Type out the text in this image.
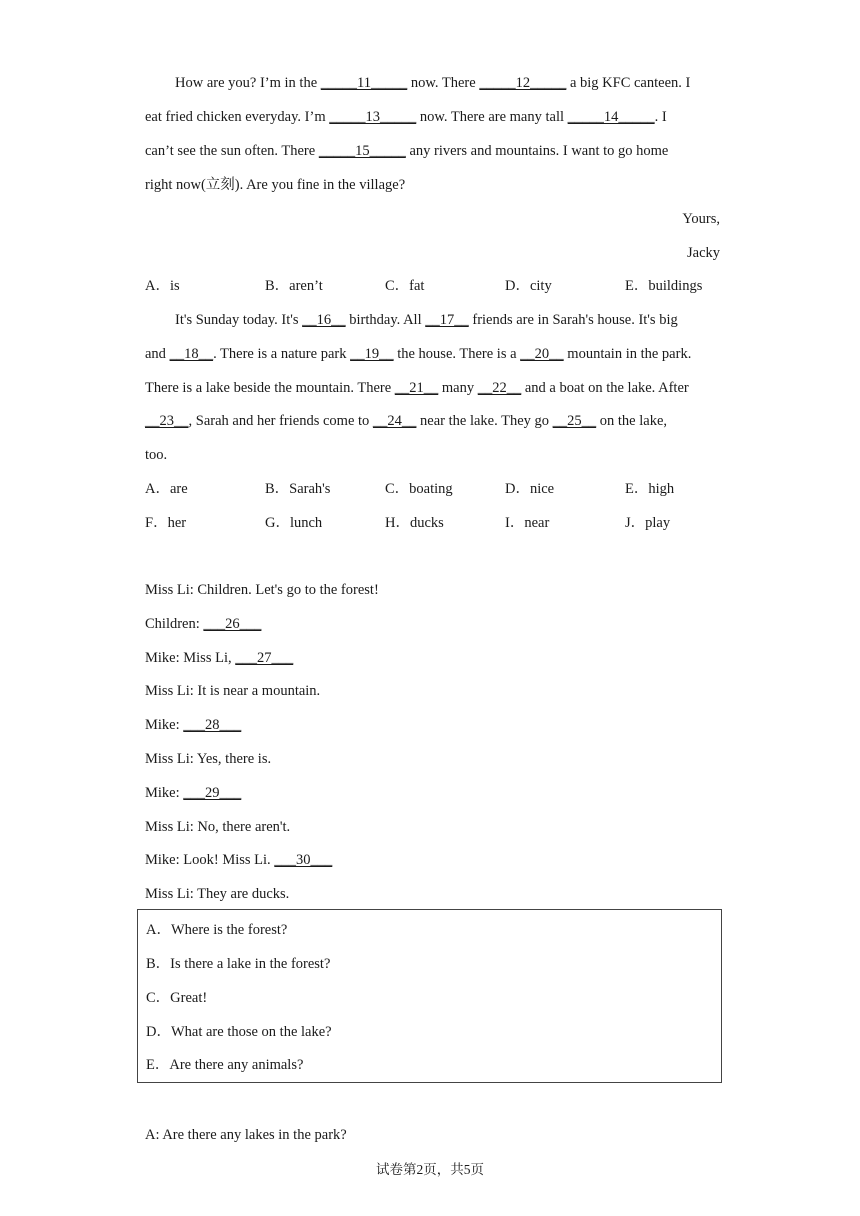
How are you? I’m in the _____11_____ now. There _____12_____ a big KFC canteen. I
eat fried chicken everyday. I’m _____13_____ now. There are many tall _____14_____. I
can’t see the sun often. There _____15_____ any rivers and mountains. I want to go home
right now(立刻). Are you fine in the village?
Yours,
Jacky
A．is	B．aren’t	C．fat	D．city	E．buildings
It's Sunday today. It's __16__ birthday. All __17__ friends are in Sarah's house. It's big
and __18__. There is a nature park __19__ the house. There is a __20__ mountain in the park.
There is a lake beside the mountain. There __21__ many __22__ and a boat on the lake. After
__23__, Sarah and her friends come to __24__ near the lake. They go __25__ on the lake,
too.
A．are	B．Sarah's	C．boating	D．nice	E．high
F．her	G．lunch	H．ducks	I．near	J．play
Miss Li: Children. Let's go to the forest!
Children: ___26___
Mike: Miss Li, ___27___
Miss Li: It is near a mountain.
Mike: ___28___
Miss Li: Yes, there is.
Mike: ___29___
Miss Li: No, there aren't.
Mike: Look! Miss Li. ___30___
Miss Li: They are ducks.
A．Where is the forest?
B．Is there a lake in the forest?
C．Great!
D．What are those on the lake?
E．Are there any animals?
A: Are there any lakes in the park?
试卷第2页，共5页
